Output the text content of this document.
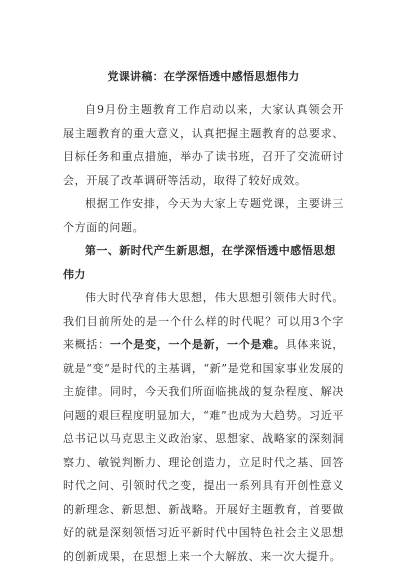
党课讲稿：在学深悟透中感悟思想伟力

自9月份主题教育工作启动以来，大家认真领会开展主题教育的重大意义，认真把握主题教育的总要求、目标任务和重点措施，举办了读书班，召开了交流研讨会，开展了改革调研等活动，取得了较好成效。

根据工作安排，今天为大家上专题党课，主要讲三个方面的问题。

第一、新时代产生新思想，在学深悟透中感悟思想伟力

伟大时代孕育伟大思想，伟大思想引领伟大时代。我们目前所处的是一个什么样的时代呢？可以用3个字来概括：一个是变，一个是新，一个是难。具体来说，就是“变”是时代的主基调，“新”是党和国家事业发展的主旋律。同时，今天我们所面临挑战的复杂程度、解决问题的艰巨程度明显加大，“难”也成为大趋势。习近平总书记以马克思主义政治家、思想家、战略家的深刻洞察力、敏锐判断力、理论创造力，立足时代之基、回答时代之问、引领时代之变，提出一系列具有开创性意义的新理念、新思想、新战略。开展好主题教育，首要做好的就是深刻领悟习近平新时代中国特色社会主义思想的创新成果，在思想上来一个大解放、来一次大提升。
